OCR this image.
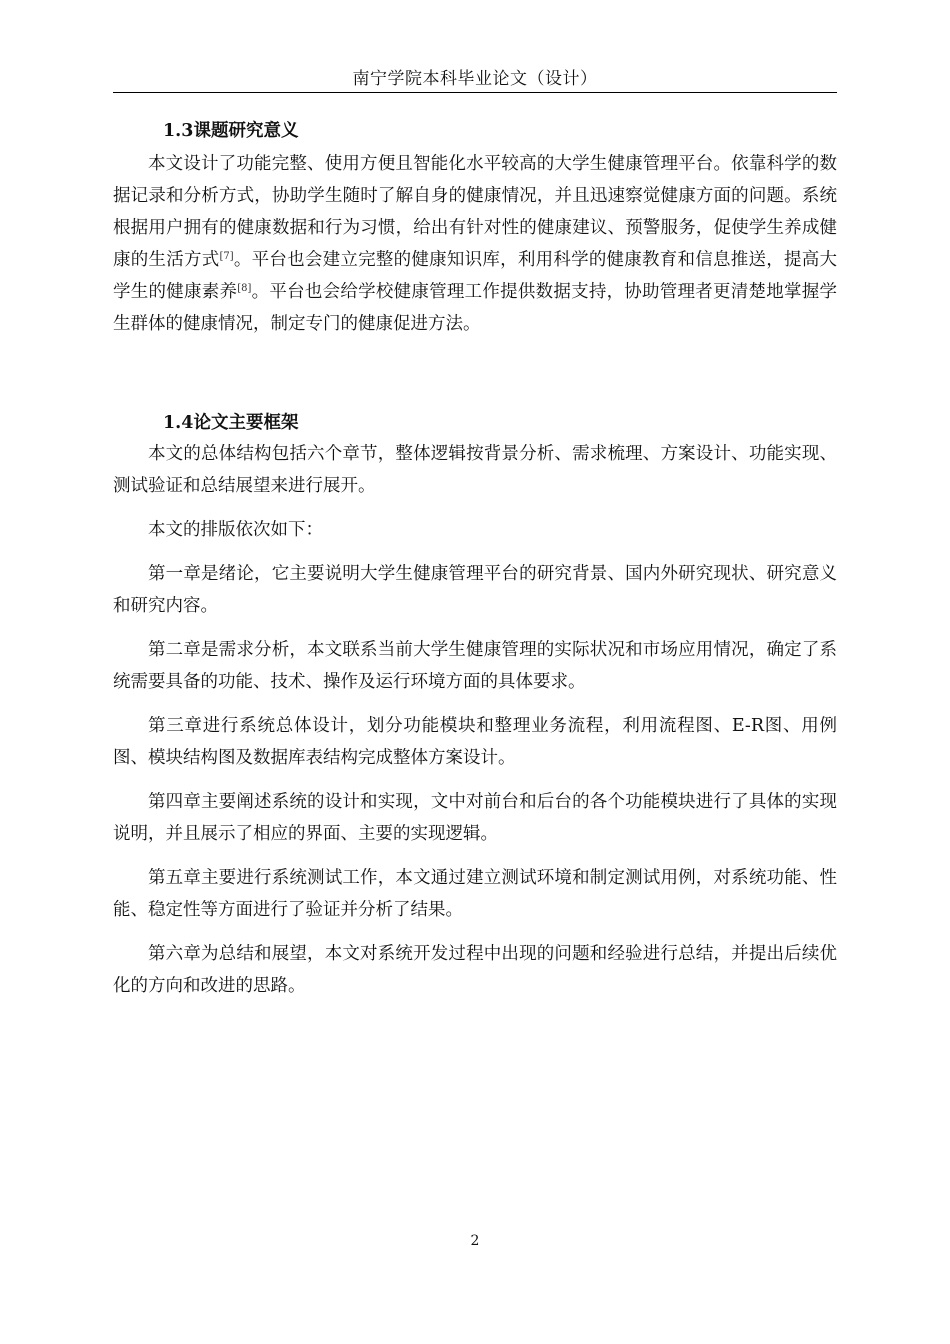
南宁学院本科毕业论文（设计）
1.3课题研究意义

本文设计了功能完整、使用方便且智能化水平较高的大学生健康管理平台。依靠科学的数据记录和分析方式，协助学生随时了解自身的健康情况，并且迅速察觉健康方面的问题。系统根据用户拥有的健康数据和行为习惯，给出有针对性的健康建议、预警服务，促使学生养成健康的生活方式[7]。平台也会建立完整的健康知识库，利用科学的健康教育和信息推送，提高大学生的健康素养[8]。平台也会给学校健康管理工作提供数据支持，协助管理者更清楚地掌握学生群体的健康情况，制定专门的健康促进方法。

1.4论文主要框架

本文的总体结构包括六个章节，整体逻辑按背景分析、需求梳理、方案设计、功能实现、测试验证和总结展望来进行展开。

本文的排版依次如下：

第一章是绪论，它主要说明大学生健康管理平台的研究背景、国内外研究现状、研究意义和研究内容。

第二章是需求分析，本文联系当前大学生健康管理的实际状况和市场应用情况，确定了系统需要具备的功能、技术、操作及运行环境方面的具体要求。

第三章进行系统总体设计，划分功能模块和整理业务流程，利用流程图、E-R图、用例图、模块结构图及数据库表结构完成整体方案设计。

第四章主要阐述系统的设计和实现，文中对前台和后台的各个功能模块进行了具体的实现说明，并且展示了相应的界面、主要的实现逻辑。

第五章主要进行系统测试工作，本文通过建立测试环境和制定测试用例，对系统功能、性能、稳定性等方面进行了验证并分析了结果。

第六章为总结和展望，本文对系统开发过程中出现的问题和经验进行总结，并提出后续优化的方向和改进的思路。

2
